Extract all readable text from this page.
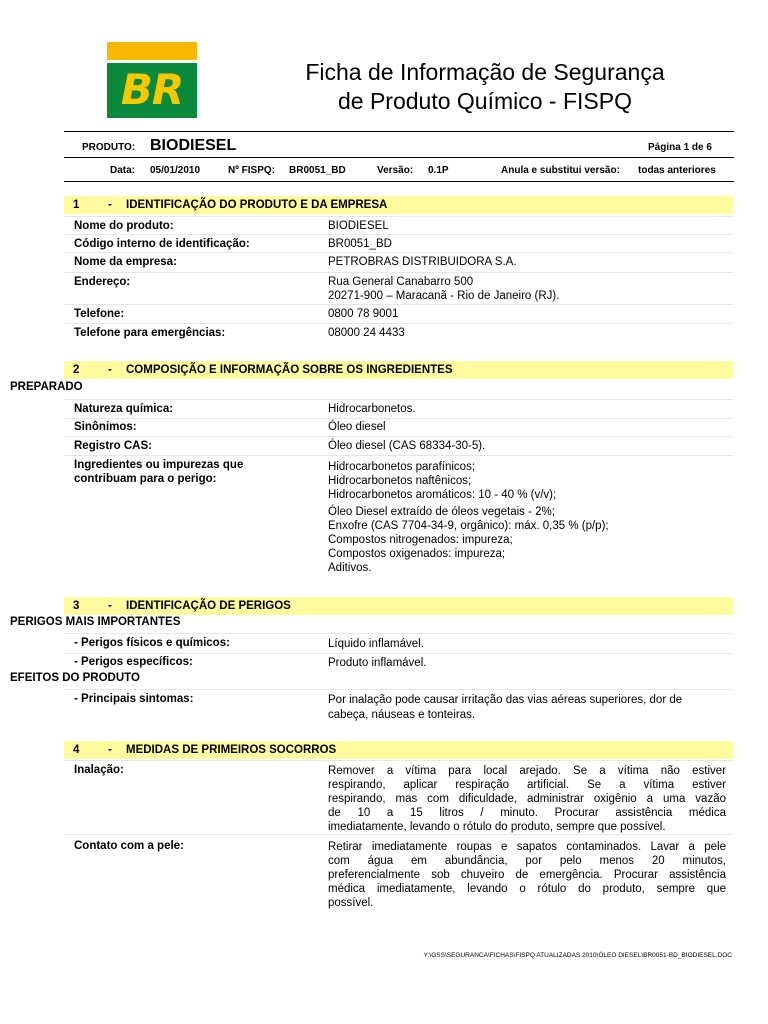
BR	Ficha de Informação de Segurança
de Produto Químico - FISPQ
PRODUTO: BIODIESEL	Página 1 de 6
Data: 05/01/2010	Nº FISPQ: BR0051_BD	Versão: 0.1P	Anula e substitui versão: todas anteriores
1 - IDENTIFICAÇÃO DO PRODUTO E DA EMPRESA
Nome do produto:	BIODIESEL
Código interno de identificação:	BR0051_BD
Nome da empresa:	PETROBRAS DISTRIBUIDORA S.A.
Endereço:	Rua General Canabarro 500
20271-900 – Maracanã - Rio de Janeiro (RJ).
Telefone:	0800 78 9001
Telefone para emergências:	08000 24 4433
2 - COMPOSIÇÃO E INFORMAÇÃO SOBRE OS INGREDIENTES
PREPARADO
Natureza química:	Hidrocarbonetos.
Sinônimos:	Óleo diesel
Registro CAS:	Óleo diesel (CAS 68334-30-5).
Ingredientes ou impurezas que
contribuam para o perigo:
Hidrocarbonetos parafínicos;
Hidrocarbonetos naftênicos;
Hidrocarbonetos aromáticos: 10 - 40 % (v/v);
Óleo Diesel extraído de óleos vegetais - 2%;
Enxofre (CAS 7704-34-9, orgânico): máx. 0,35 % (p/p);
Compostos nitrogenados: impureza;
Compostos oxigenados: impureza;
Aditivos.
3 - IDENTIFICAÇÃO DE PERIGOS
PERIGOS MAIS IMPORTANTES
- Perigos físicos e químicos:	Líquido inflamável.
- Perigos específicos:	Produto inflamável.
EFEITOS DO PRODUTO
- Principais sintomas:	Por inalação pode causar irritação das vias aéreas superiores, dor de
cabeça, náuseas e tonteiras.
4 - MEDIDAS DE PRIMEIROS SOCORROS
Inalação:	Remover a vítima para local arejado. Se a vítima não estiver
respirando, aplicar respiração artificial. Se a vítima estiver
respirando, mas com dificuldade, administrar oxigênio a uma vazão
de 10 a 15 litros / minuto. Procurar assistência médica
imediatamente, levando o rótulo do produto, sempre que possível.
Contato com a pele:	Retirar imediatamente roupas e sapatos contaminados. Lavar a pele
com água em abundância, por pelo menos 20 minutos,
preferencialmente sob chuveiro de emergência. Procurar assistência
médica imediatamente, levando o rótulo do produto, sempre que
possível.
Y:\GSS\SEGURANCA\FICHAS\FISPQ ATUALIZADAS 2010\ÓLEO DIESEL\BR0051-BD_BIODIESEL.DOC
